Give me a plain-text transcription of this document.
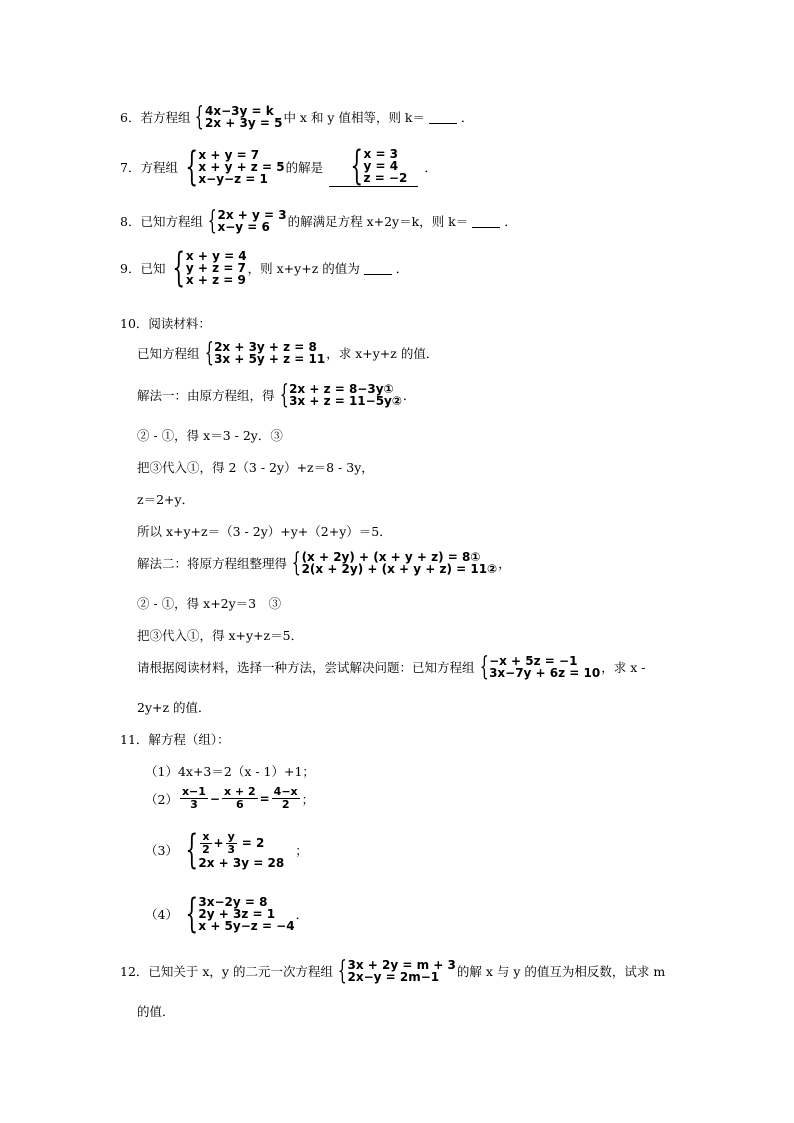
6． 若方程组 { 4x−3y = k
2x + 3y = 5 中 x 和 y 值相等，则 k＝	．
7． 方程组 { x + y = 7
x + y + z = 5
x−y−z = 1
的解是 { x = 3
y = 4
z = −2
．
8． 已知方程组 { 2x + y = 3
x−y = 6	的解满足方程 x+2y＝k，则 k＝	．
9． 已知 { x + y = 4
y + z = 7
x + z = 9
，则 x+y+z 的值为	．
10． 阅读材料：
已知方程组 { 2x + 3y + z = 8
3x + 5y + z = 11 ，求 x+y+z 的值．
解法一：由原方程组，得 { 2x + z = 8−3y①
3x + z = 11−5y② ．
② - ①，得 x＝3 - 2y．③
把③代入①，得 2（3 - 2y）+z＝8 - 3y，
z＝2+y．
所以 x+y+z＝（3 - 2y）+y+（2+y）＝5．
解法二：将原方程组整理得 { (x + 2y) + (x + y + z) = 8①
2(x + 2y) + (x + y + z) = 11② ，
② - ①，得 x+2y＝3　③
把③代入①，得 x+y+z＝5．
请根据阅读材料，选择一种方法，尝试解决问题：已知方程组 { −x + 5z = −1
3x−7y + 6z = 10 ，求 x -
2y+z 的值．
11． 解方程（组）：
（1） 4x+3＝2（x - 1）+1；
$(2) \frac{x-1}{3} - \frac{x + 2}{6} = \frac{4-x}{2}$ ；
（3） { $\frac{x}{2} + \frac{y}{3} = 2$
2x + 3y = 28
；
（4） { 3x−2y = 8
2y + 3z = 1
x + 5y−z = −4
．
12． 已知关于 x，y 的二元一次方程组 { 3x + 2y = m + 3
2x−y = 2m−1	的解 x 与 y 的值互为相反数，试求 m
的值．
